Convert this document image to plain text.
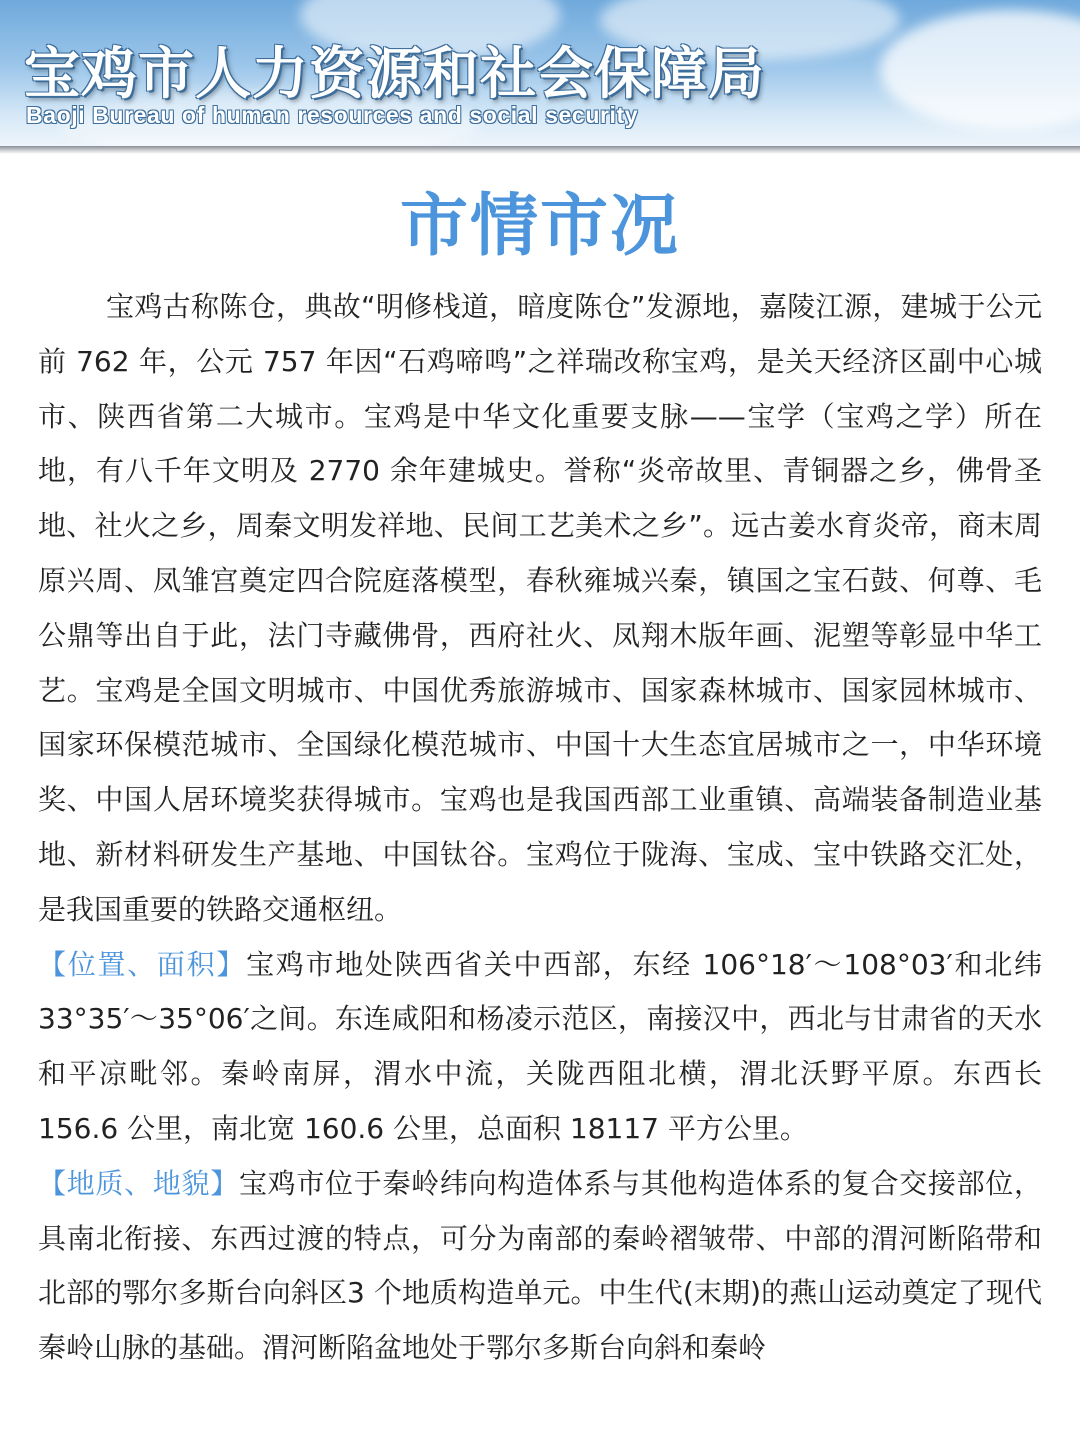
宝鸡市人力资源和社会保障局
Baoji Bureau of human resources and social security
市情市况

宝鸡古称陈仓，典故“明修栈道，暗度陈仓”发源地，嘉陵江源，建城于公元前 762 年，公元 757 年因“石鸡啼鸣”之祥瑞改称宝鸡，是关天经济区副中心城市、陕西省第二大城市。宝鸡是中华文化重要支脉——宝学（宝鸡之学）所在地，有八千年文明及 2770 余年建城史。誉称“炎帝故里、青铜器之乡，佛骨圣地、社火之乡，周秦文明发祥地、民间工艺美术之乡”。远古姜水育炎帝，商末周原兴周、凤雏宫奠定四合院庭落模型，春秋雍城兴秦，镇国之宝石鼓、何尊、毛公鼎等出自于此，法门寺藏佛骨，西府社火、凤翔木版年画、泥塑等彰显中华工艺。宝鸡是全国文明城市、中国优秀旅游城市、国家森林城市、国家园林城市、国家环保模范城市、全国绿化模范城市、中国十大生态宜居城市之一，中华环境奖、中国人居环境奖获得城市。宝鸡也是我国西部工业重镇、高端装备制造业基地、新材料研发生产基地、中国钛谷。宝鸡位于陇海、宝成、宝中铁路交汇处，是我国重要的铁路交通枢纽。

【位置、面积】宝鸡市地处陕西省关中西部，东经 106°18′～108°03′和北纬 33°35′～35°06′之间。东连咸阳和杨凌示范区，南接汉中，西北与甘肃省的天水和平凉毗邻。秦岭南屏，渭水中流，关陇西阻北横，渭北沃野平原。东西长 156.6 公里，南北宽 160.6 公里，总面积 18117 平方公里。

【地质、地貌】宝鸡市位于秦岭纬向构造体系与其他构造体系的复合交接部位，具南北衔接、东西过渡的特点，可分为南部的秦岭褶皱带、中部的渭河断陷带和北部的鄂尔多斯台向斜区3 个地质构造单元。中生代(末期)的燕山运动奠定了现代秦岭山脉的基础。渭河断陷盆地处于鄂尔多斯台向斜和秦岭
